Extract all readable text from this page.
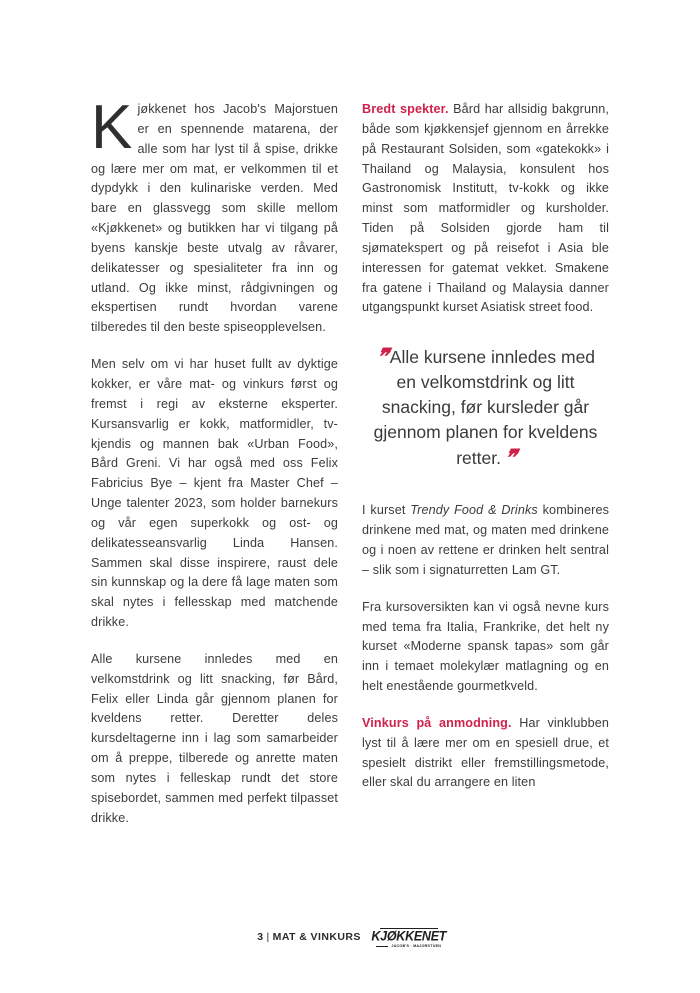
Kjøkkenet hos Jacob's Majorstuen er en spennende matarena, der alle som har lyst til å spise, drikke og lære mer om mat, er velkommen til et dypdykk i den kulinariske verden. Med bare en glassvegg som skille mellom «Kjøkkenet» og butikken har vi tilgang på byens kanskje beste utvalg av råvarer, delikatesser og spesialiteter fra inn og utland. Og ikke minst, rådgivningen og ekspertisen rundt hvordan varene tilberedes til den beste spiseopplevelsen.

Men selv om vi har huset fullt av dyktige kokker, er våre mat- og vinkurs først og fremst i regi av eksterne eksperter. Kursansvarlig er kokk, matformidler, tv-kjendis og mannen bak «Urban Food», Bård Greni. Vi har også med oss Felix Fabricius Bye – kjent fra Master Chef – Unge talenter 2023, som holder barnekurs og vår egen superkokk og ost- og delikatesseansvarlig Linda Hansen. Sammen skal disse inspirere, raust dele sin kunnskap og la dere få lage maten som skal nytes i fellesskap med matchende drikke.

Alle kursene innledes med en velkomstdrink og litt snacking, før Bård, Felix eller Linda går gjennom planen for kveldens retter. Deretter deles kursdeltagerne inn i lag som samarbeider om å preppe, tilberede og anrette maten som nytes i felleskap rundt det store spisebordet, sammen med perfekt tilpasset drikke.

Bredt spekter. Bård har allsidig bakgrunn, både som kjøkkensjef gjennom en årrekke på Restaurant Solsiden, som «gatekokk» i Thailand og Malaysia, konsulent hos Gastronomisk Institutt, tv-kokk og ikke minst som matformidler og kursholder. Tiden på Solsiden gjorde ham til sjømatekspert og på reisefot i Asia ble interessen for gatemat vekket. Smakene fra gatene i Thailand og Malaysia danner utgangspunkt kurset Asiatisk street food.

❞Alle kursene innledes med en velkomstdrink og litt snacking, før kursleder går gjennom planen for kveldens retter.❞

I kurset Trendy Food & Drinks kombineres drinkene med mat, og maten med drinkene og i noen av rettene er drinken helt sentral – slik som i signaturretten Lam GT.

Fra kursoversikten kan vi også nevne kurs med tema fra Italia, Frankrike, det helt ny kurset «Moderne spansk tapas» som går inn i temaet molekylær matlagning og en helt enestående gourmetkveld.

Vinkurs på anmodning. Har vinklubben lyst til å lære mer om en spesiell drue, et spesielt distrikt eller fremstillingsmetode, eller skal du arrangere en liten

3 | MAT & VINKURS KJØKKENET
JACOB'S · MAJORSTUEN
